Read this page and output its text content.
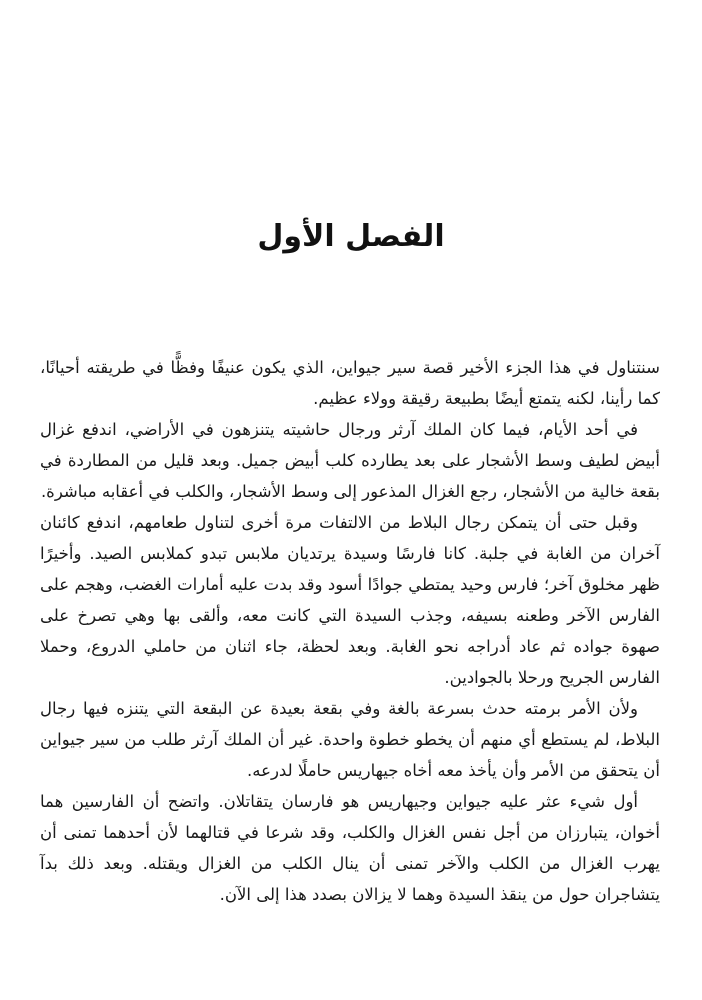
الفصل الأول

سنتناول في هذا الجزء الأخير قصة سير جيواين، الذي يكون عنيفًا وفظًّا في طريقته أحيانًا، كما رأينا، لكنه يتمتع أيضًا بطبيعة رقيقة وولاء عظيم.

في أحد الأيام، فيما كان الملك آرثر ورجال حاشيته يتنزهون في الأراضي، اندفع غزال أبيض لطيف وسط الأشجار على بعد يطارده كلب أبيض جميل. وبعد قليل من المطاردة في بقعة خالية من الأشجار، رجع الغزال المذعور إلى وسط الأشجار، والكلب في أعقابه مباشرة.

وقبل حتى أن يتمكن رجال البلاط من الالتفات مرة أخرى لتناول طعامهم، اندفع كائنان آخران من الغابة في جلبة. كانا فارسًا وسيدة يرتديان ملابس تبدو كملابس الصيد. وأخيرًا ظهر مخلوق آخر؛ فارس وحيد يمتطي جوادًا أسود وقد بدت عليه أمارات الغضب، وهجم على الفارس الآخر وطعنه بسيفه، وجذب السيدة التي كانت معه، وألقى بها وهي تصرخ على صهوة جواده ثم عاد أدراجه نحو الغابة. وبعد لحظة، جاء اثنان من حاملي الدروع، وحملا الفارس الجريح ورحلا بالجوادين.

ولأن الأمر برمته حدث بسرعة بالغة وفي بقعة بعيدة عن البقعة التي يتنزه فيها رجال البلاط، لم يستطع أي منهم أن يخطو خطوة واحدة. غير أن الملك آرثر طلب من سير جيواين أن يتحقق من الأمر وأن يأخذ معه أخاه جيهاريس حاملًا لدرعه.

أول شيء عثر عليه جيواين وجيهاريس هو فارسان يتقاتلان. واتضح أن الفارسين هما أخوان، يتبارزان من أجل نفس الغزال والكلب، وقد شرعا في قتالهما لأن أحدهما تمنى أن يهرب الغزال من الكلب والآخر تمنى أن ينال الكلب من الغزال ويقتله. وبعد ذلك بدآ يتشاجران حول من ينقذ السيدة وهما لا يزالان بصدد هذا إلى الآن.
